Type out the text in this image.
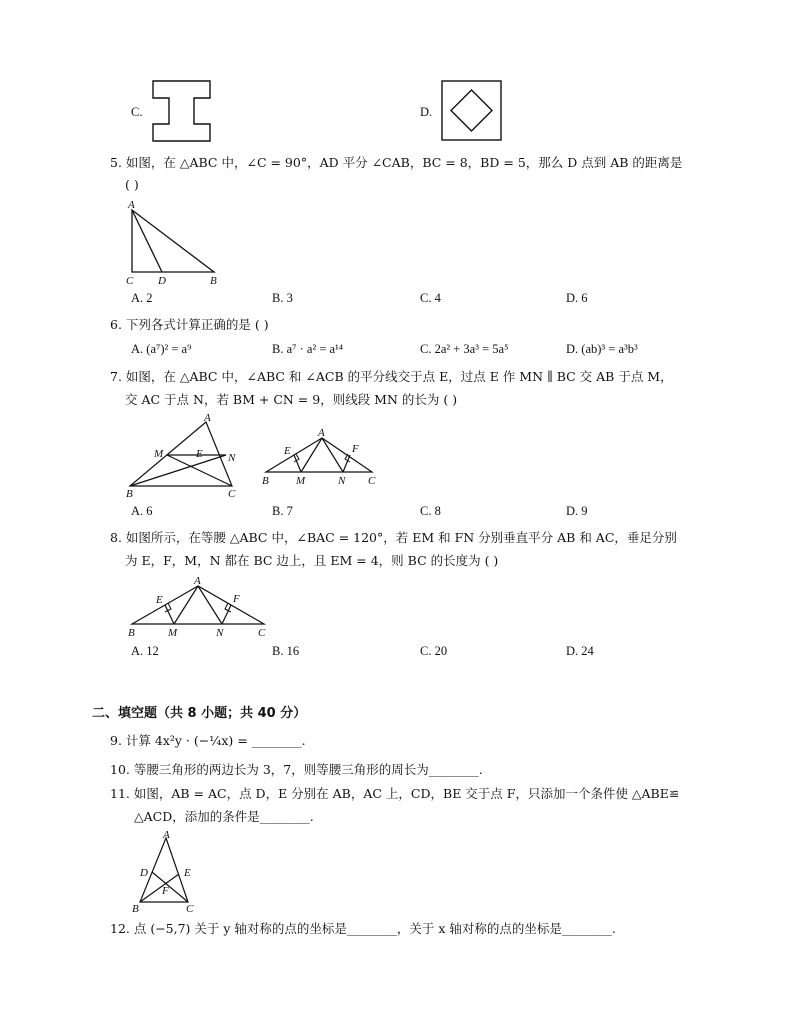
C.	D.
5. 如图，在 △ABC 中，∠C = 90°，AD 平分 ∠CAB，BC = 8，BD = 5，那么 D 点到 AB 的距离是
( )
A
C D	B
A. 2	B. 3	C. 4	D. 6
6. 下列各式计算正确的是 ( )
A. (a⁷)² = a⁹	B. a⁷ · a² = a¹⁴	C. 2a² + 3a³ = 5a⁵	D. (ab)³ = a³b³
7. 如图，在 △ABC 中，∠ABC 和 ∠ACB 的平分线交于点 E，过点 E 作 MN ∥ BC 交 AB 于点 M，
交 AC 于点 N，若 BM + CN = 9，则线段 MN 的长为 ( )
A
M	E N
B	C
A
E	F
B M	N C
A. 6	B. 7	C. 8	D. 9
8. 如图所示，在等腰 △ABC 中，∠BAC = 120°，若 EM 和 FN 分别垂直平分 AB 和 AC，垂足分别
为 E，F，M，N 都在 BC 边上，且 EM = 4，则 BC 的长度为 ( )
A
E	F
B	M	N	C
A. 12	B. 16	C. 20	D. 24
二、填空题（共 8 小题；共 40 分）
9. 计算 4x²y · (−¼x) = ________.
10. 等腰三角形的两边长为 3，7，则等腰三角形的周长为________.
11. 如图，AB = AC，点 D，E 分别在 AB，AC 上，CD，BE 交于点 F，只添加一个条件使 △ABE≌
△ACD，添加的条件是________.
A
D	E
F
B	C
12. 点 (−5,7) 关于 y 轴对称的点的坐标是________，关于 x 轴对称的点的坐标是________.
